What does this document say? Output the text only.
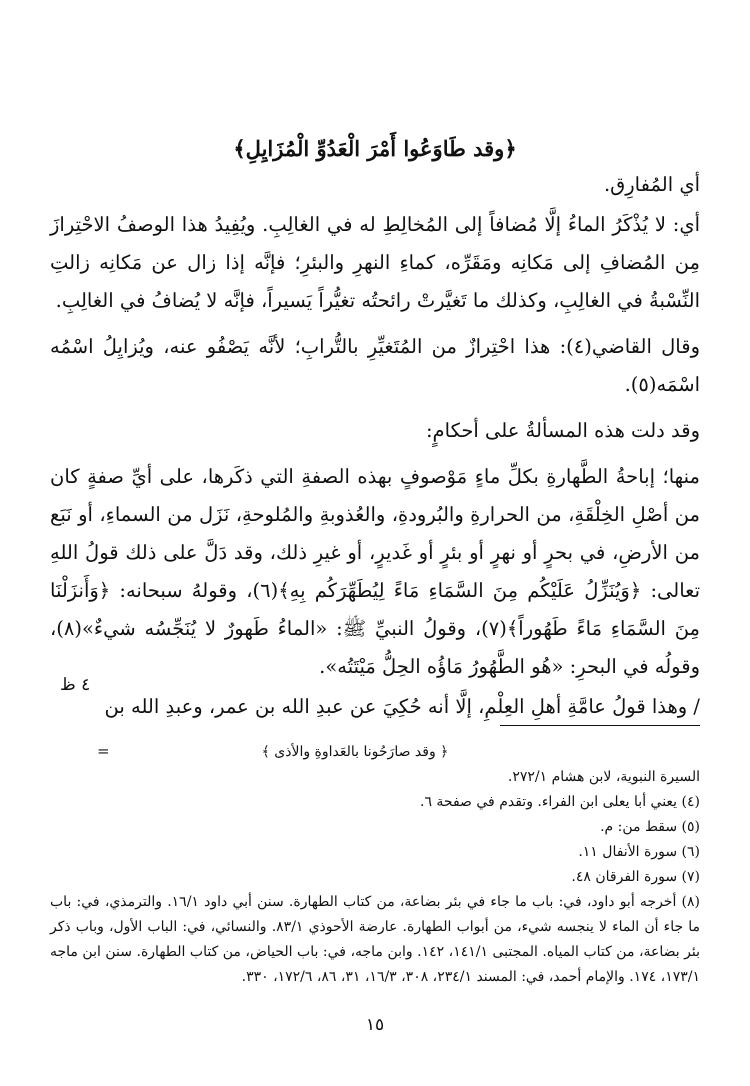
﴿وقد طَاوَعُوا أَمْرَ الْعَدُوِّ الْمُزَايِلِ﴾

أي المُفارِق.

أي: لا يُذْكَرُ الماءُ إلَّا مُضافاً إلى المُخالِطِ له في الغالِبِ. ويُفِيدُ هذا الوصفُ الاحْتِرازَ مِن المُضافِ إلى مَكانِه ومَقَرِّه، كماءِ النهرِ والبئرِ؛ فإنَّه إذا زال عن مَكانِه زالتِ النِّسْبةُ في الغالِبِ، وكذلك ما تَغيَّرتْ رائحتُه تغيُّراً يَسيراً، فإنَّه لا يُضافُ في الغالِبِ.

وقال القاضي(٤): هذا احْتِرازٌ من المُتَغيِّرِ بالتُّرابِ؛ لأنَّه يَصْفُو عنه، ويُزايِلُ اسْمُه اسْمَه(٥).

وقد دلت هذه المسألةُ على أحكامٍ:

منها؛ إباحةُ الطَّهارةِ بكلِّ ماءٍ مَوْصوفٍ بهذه الصفةِ التي ذكَرها، على أيِّ صفةٍ كان من أصْلِ الخِلْقَةِ، من الحرارةِ والبُرودةِ، والعُذوبةِ والمُلوحةِ، نَزَل من السماءِ، أو نَبَع من الأرضِ، في بحرٍ أو نهرٍ أو بئرٍ أو غَديرٍ، أو غيرِ ذلك، وقد دَلَّ على ذلك قولُ اللهِ تعالى: ﴿وَيُنَزِّلُ عَلَيْكُم مِنَ السَّمَاءِ مَاءً لِيُطَهِّرَكُم بِهِ﴾(٦)، وقولهُ سبحانه: ﴿وَأَنزَلْنَا مِنَ السَّمَاءِ مَاءً طَهُوراً﴾(٧)، وقولُ النبيِّ ﷺ: «الماءُ طَهورٌ لا يُنَجِّسُه شيءٌ»(٨)، وقولُه في البحرِ: «هُو الطَّهُورُ مَاؤُه الحِلُّ مَيْتَتُه».

/ وهذا قولُ عامَّةِ أهلِ العِلْمِ، إلَّا أنه حُكِيَ عن عبدِ الله بن عمر، وعبدِ الله بن

٤ ظ
=	﴿ وقد صارَحُونا بالعَداوةِ والأذى ﴾

السيرة النبوية، لابن هشام ٢٧٢/١.

(٤) يعني أبا يعلى ابن الفراء. وتقدم في صفحة ٦.

(٥) سقط من: م.

(٦) سورة الأنفال ١١.

(٧) سورة الفرقان ٤٨.

(٨) أخرجه أبو داود، في: باب ما جاء في بئر بضاعة، من كتاب الطهارة. سنن أبي داود ١٦/١. والترمذي، في: باب ما جاء أن الماء لا ينجسه شيء، من أبواب الطهارة. عارضة الأحوذي ٨٣/١. والنسائي، في: الباب الأول، وباب ذكر بئر بضاعة، من كتاب المياه. المجتبى ١٤١/١، ١٤٢. وابن ماجه، في: باب الحياض، من كتاب الطهارة. سنن ابن ماجه ١٧٣/١، ١٧٤. والإمام أحمد، في: المسند ٢٣٤/١، ٣٠٨، ١٦/٣، ٣١، ٨٦، ١٧٢/٦، ٣٣٠.

١٥
